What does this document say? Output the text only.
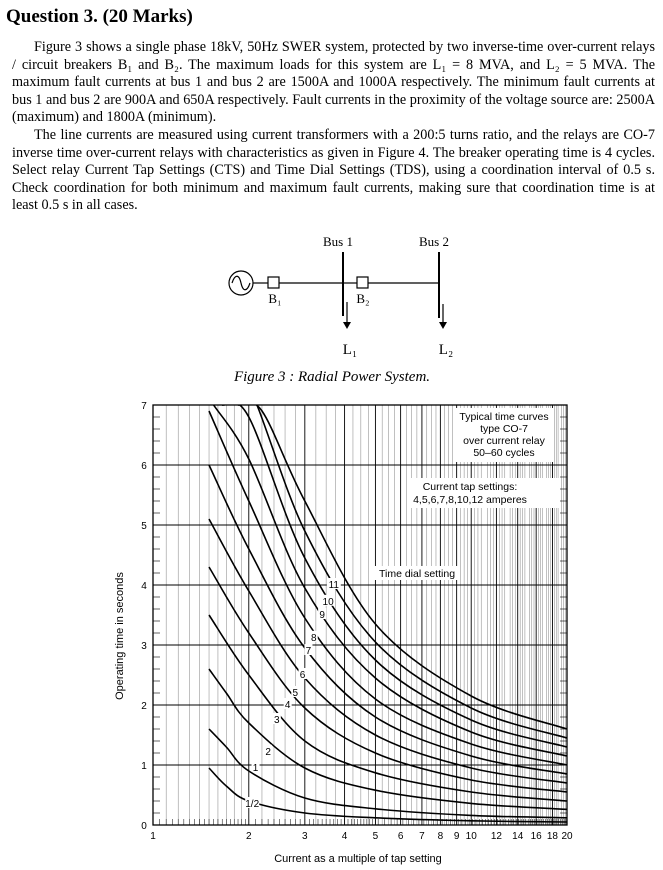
Question 3. (20 Marks)

Figure 3 shows a single phase 18kV, 50Hz SWER system, protected by two inverse-time over-current relays / circuit breakers B₁ and B₂. The maximum loads for this system are L₁ = 8 MVA, and L₂ = 5 MVA. The maximum fault currents at bus 1 and bus 2 are 1500A and 1000A respectively. The minimum fault currents at bus 1 and bus 2 are 900A and 650A respectively. Fault currents in the proximity of the voltage source are: 2500A (maximum) and 1800A (minimum).

The line currents are measured using current transformers with a 200:5 turns ratio, and the relays are CO-7 inverse time over-current relays with characteristics as given in Figure 4. The breaker operating time is 4 cycles. Select relay Current Tap Settings (CTS) and Time Dial Settings (TDS), using a coordination interval of 0.5 s. Check coordination for both minimum and maximum fault currents, making sure that coordination time is at least 0.5 s in all cases.

Bus 1	Bus 2
B₁	B₂
L₁	L₂
Figure 3 : Radial Power System.
1	2	3	4	5 6 7 8 9 10 12 14 16 18 20
0
1
2
3
4
5
6
7
1/2
1
2
3
4
5
6
7
8
9
10
11
Typical time curves
type CO-7
over current relay
50–60 cycles
Current tap settings:
4,5,6,7,8,10,12 amperes
Time dial setting
Current as a multiple of tap setting
Operating time in seconds
